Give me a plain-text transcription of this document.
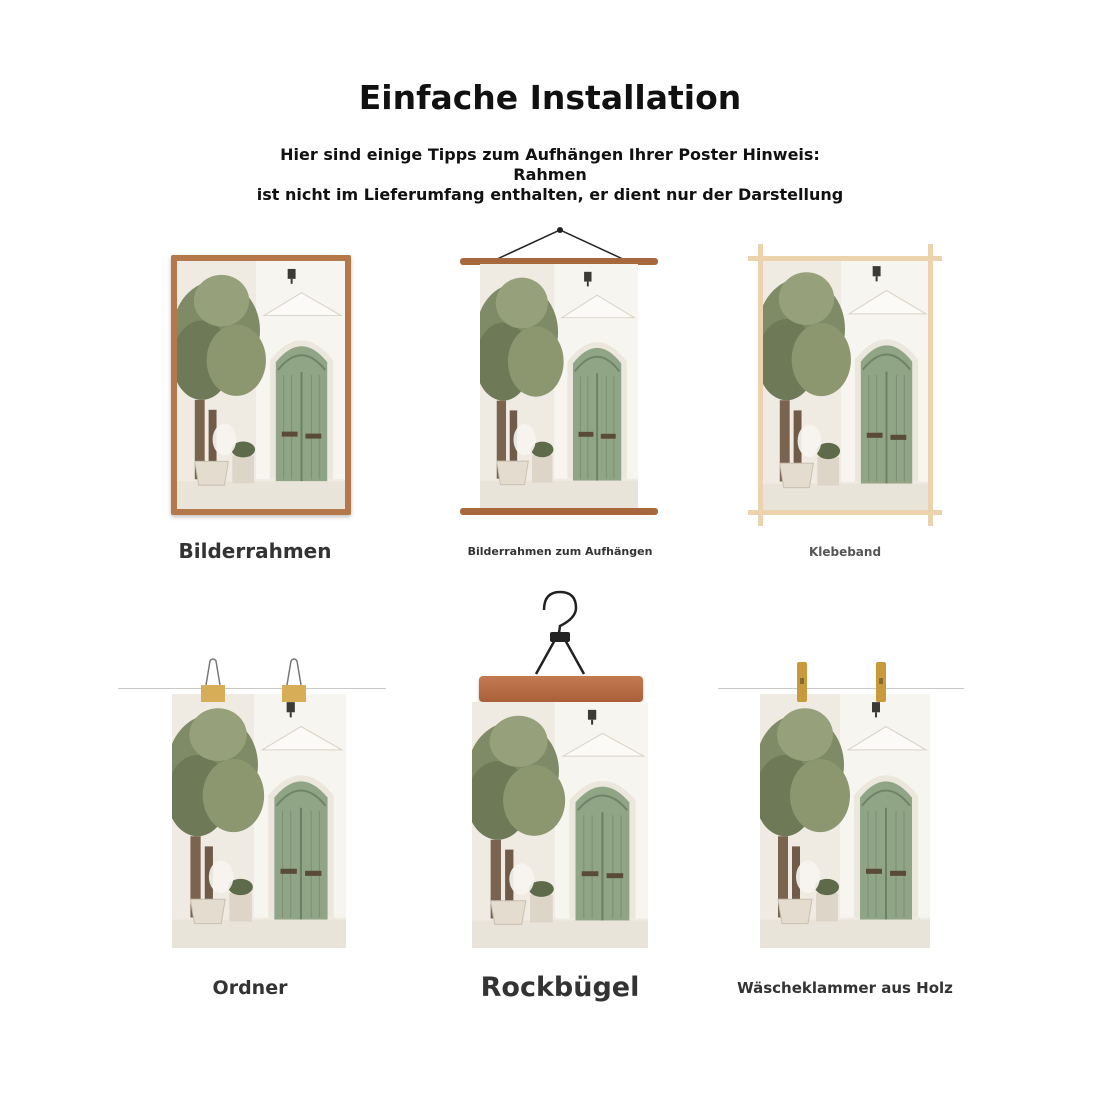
Einfache Installation
Hier sind einige Tipps zum Aufhängen Ihrer Poster Hinweis: Rahmen
ist nicht im Lieferumfang enthalten, er dient nur der Darstellung
Bilderrahmen	Bilderrahmen zum Aufhängen	Klebeband
Ordner	Rockbügel	Wäscheklammer aus Holz
